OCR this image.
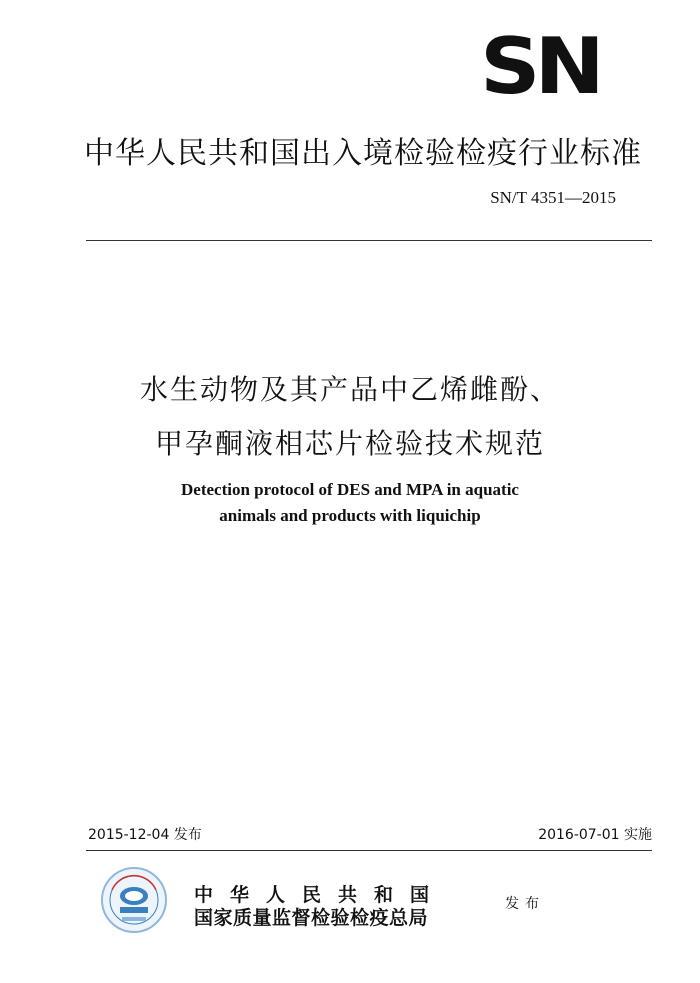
SN
中华人民共和国出入境检验检疫行业标准
SN/T 4351—2015
水生动物及其产品中乙烯雌酚、
甲孕酮液相芯片检验技术规范
Detection protocol of DES and MPA in aquatic
animals and products with liquichip
2015-12-04 发布	2016-07-01 实施
中华人民共和国
国家质量监督检验检疫总局
发布
